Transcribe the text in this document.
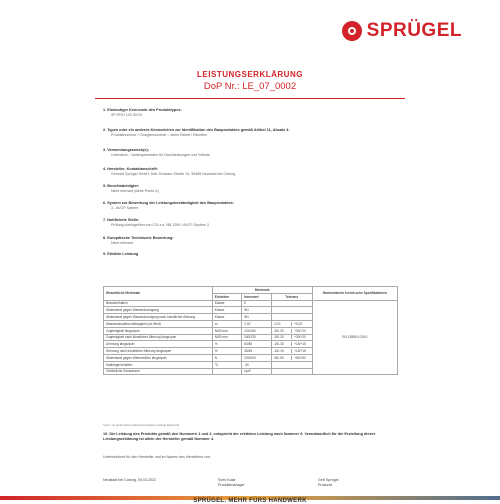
SPRÜGEL
LEISTUNGSERKLÄRUNG
DoP Nr.: LE_07_0002
1. Eindeutiger Kenncode des Produkttypes:
SP-PRO 100 SK/VI
2. Typen oder ein anderes Kennzeichen zur Identifikation des Bauproduktes gemäß Artikel 11, Absatz 4:
Produktnummer / Chargennummer – siehe Etikett / Etiketten
3. Verwendungszweck(e):
Unterdeck- / Unterspannbahn für Dachdeckungen und Wände
4. Hersteller, Kontaktanschrift:
Gerhard Sprügel GmbH, Karl-Schwarz-Straße 19, 96465 Neustadt bei Coburg
5. Bevollmächtigter:
Nicht relevant (siehe Punkt 4.)
6. System zur Bewertung der Leistungsbeständigkeit des Bauproduktes:
3 - AVCP System
7. Notifizierte Stelle:
Prüfung durchgeführt von CSI a.s. NB 1390 / AVCP-System 3
8. Europäische Technische Bewertung:
Nicht relevant
9. Erklärte Leistung
Wesentliche Merkmale	Merkmale			Harmonisierte techni-sche Spezifikationen
	Einheiten	Nennwert	Toleranz	
Brandverhalten	Klasse	E		EN 13859-1:2010
Widerstand gegen Wasserdurchgang	Klasse	W1		

Widerstand gegen Wasserdurchgang nach künstlicher Alterung	Klasse	W1		

Wasserdampfdurchlässigkeit (sd-Wert)	m	0,02	-0,01 +0,02	

Zugfestigkeit längs/quer	N/50 mm	220/160	-30/-20 +30/+20	

Zugfestigkeit nach künstlicher Alterung längs/quer	N/50 mm	180/130	-30/-20 +30/+20	

Dehnung längs/quer	%	60/80	-15/-15 +15/+15	

Dehnung nach künstlicher Alterung längs/quer	%	35/45	-15/-15 +15/+15	

Widerstand gegen Weiterreißen längs/quer	N	200/200	-50/-50 +50/+50	

Kaltbiegeverhalten	°C	-30		

Gefährliche Substanzen		npd*		
*npd = no performance determined (keine Leistung bestimmt)
10. Die Leistung des Produkts gemäß den Nummern 1 und 2, entspricht der erklärten Leistung nach Nummer 9. Verantwortlich für die Erstellung dieser Leistungserklärung ist allein der Hersteller gemäß Nummer 4.
Unterzeichnet für den Hersteller und im Namen des Herstellers von:
Neustadt bei Coburg, 09.03.2022	Sven Kolar
Produktmanager
Gert Sprügel
Prokurist
SPRÜGEL. MEHR FÜRS HANDWERK
